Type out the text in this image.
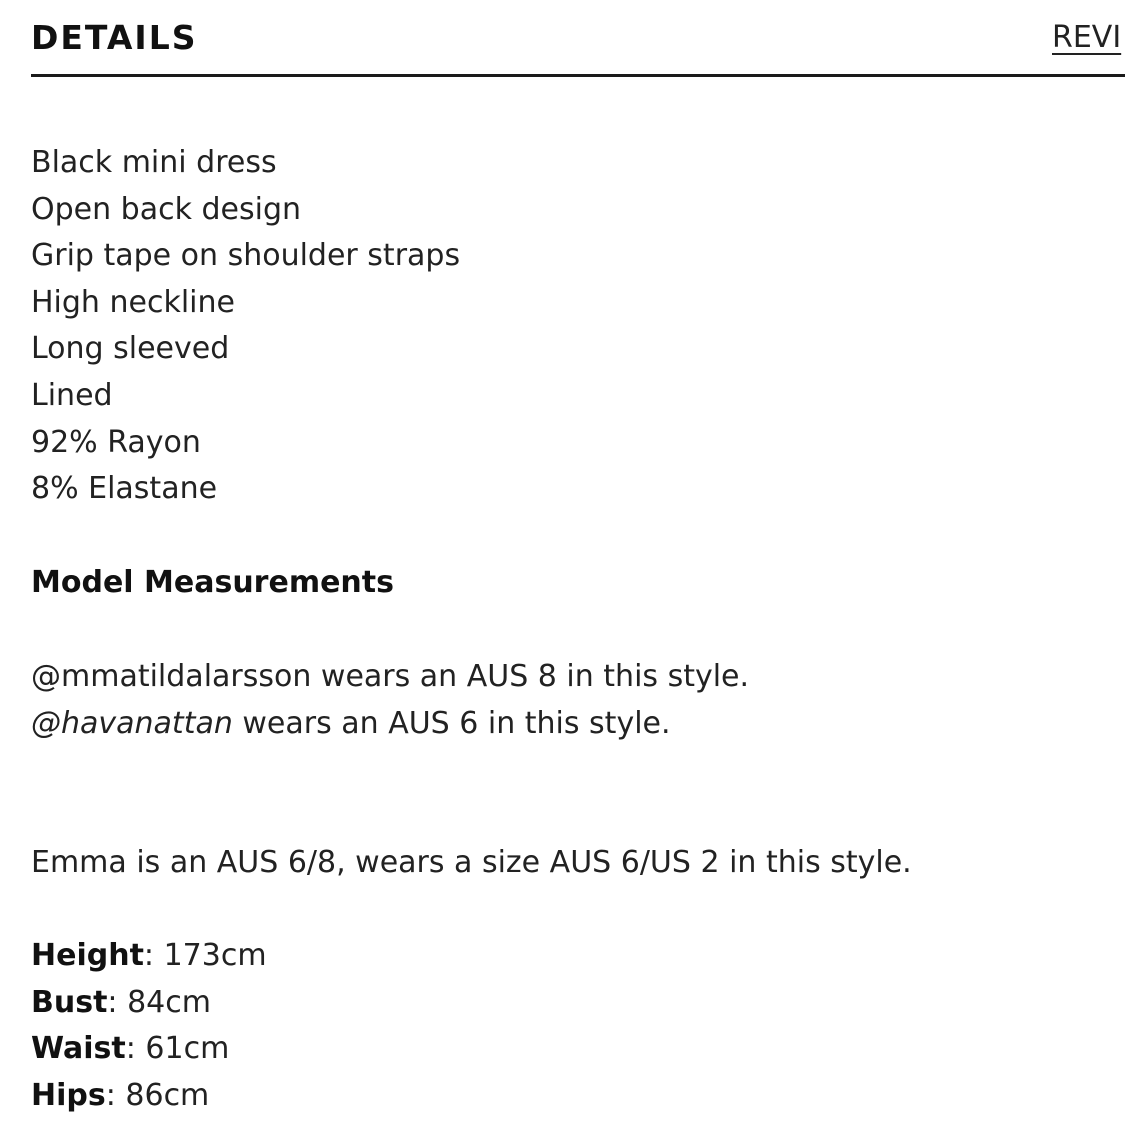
DETAILS	REVI
Black mini dress
Open back design
Grip tape on shoulder straps
High neckline
Long sleeved
Lined
92% Rayon
8% Elastane
Model Measurements
@mmatildalarsson wears an AUS 8 in this style.
@havanattan wears an AUS 6 in this style.
Emma is an AUS 6/8, wears a size AUS 6/US 2 in this style.
Height: 173cm
Bust: 84cm
Waist: 61cm
Hips: 86cm
